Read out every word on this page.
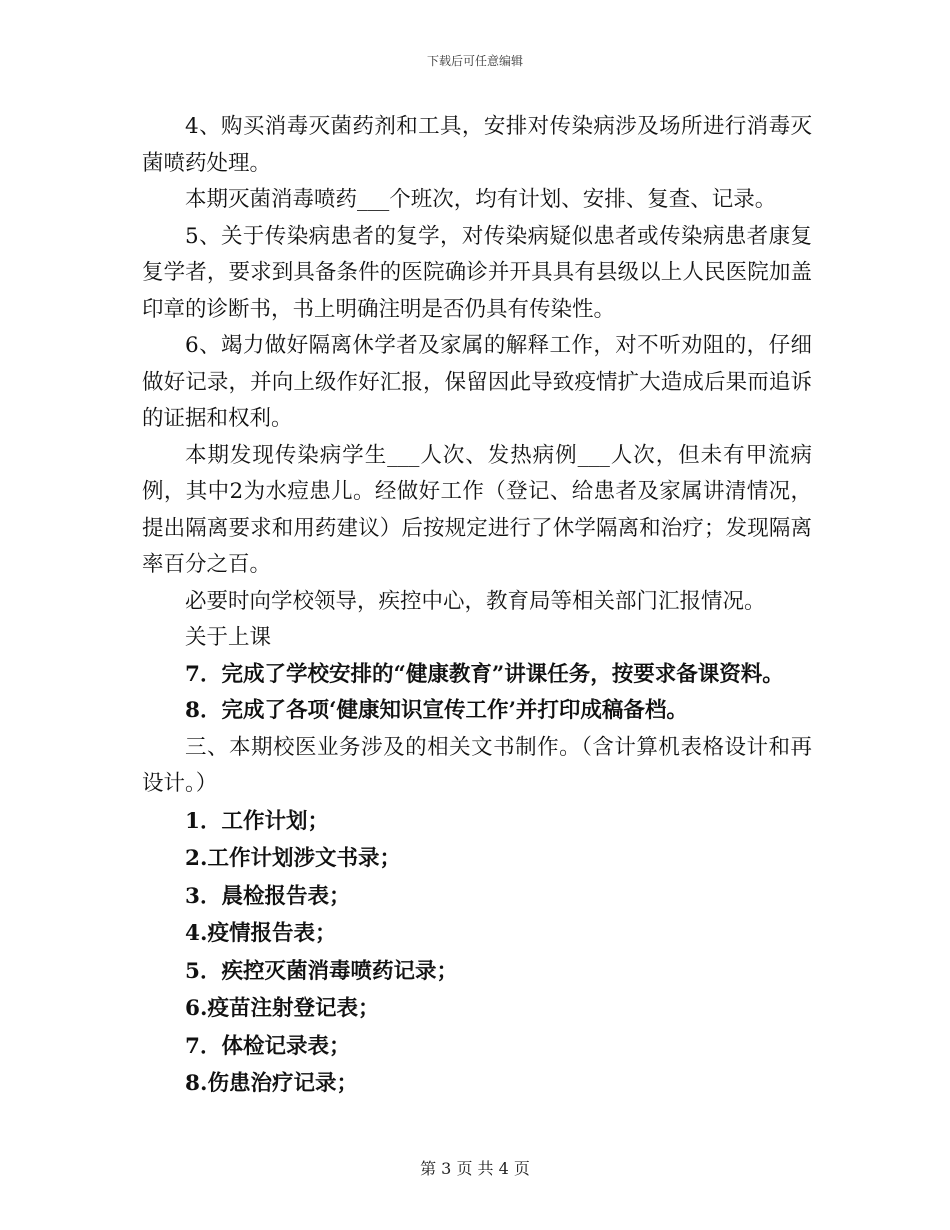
下载后可任意编辑

4、购买消毒灭菌药剂和工具，安排对传染病涉及场所进行消毒灭菌喷药处理。

本期灭菌消毒喷药___个班次，均有计划、安排、复查、记录。

5、关于传染病患者的复学，对传染病疑似患者或传染病患者康复复学者，要求到具备条件的医院确诊并开具具有县级以上人民医院加盖印章的诊断书，书上明确注明是否仍具有传染性。

6、竭力做好隔离休学者及家属的解释工作，对不听劝阻的，仔细做好记录，并向上级作好汇报，保留因此导致疫情扩大造成后果而追诉的证据和权利。

本期发现传染病学生___人次、发热病例___人次，但未有甲流病例，其中2为水痘患儿。经做好工作（登记、给患者及家属讲清情况，提出隔离要求和用药建议）后按规定进行了休学隔离和治疗；发现隔离率百分之百。

必要时向学校领导，疾控中心，教育局等相关部门汇报情况。

关于上课

7．完成了学校安排的“健康教育”讲课任务，按要求备课资料。

8．完成了各项‘健康知识宣传工作’并打印成稿备档。

三、本期校医业务涉及的相关文书制作。（含计算机表格设计和再设计。）

1．工作计划；

2.工作计划涉文书录；

3．晨检报告表；

4.疫情报告表；

5．疾控灭菌消毒喷药记录；

6.疫苗注射登记表；

7．体检记录表；

8.伤患治疗记录；

第 3 页 共 4 页
